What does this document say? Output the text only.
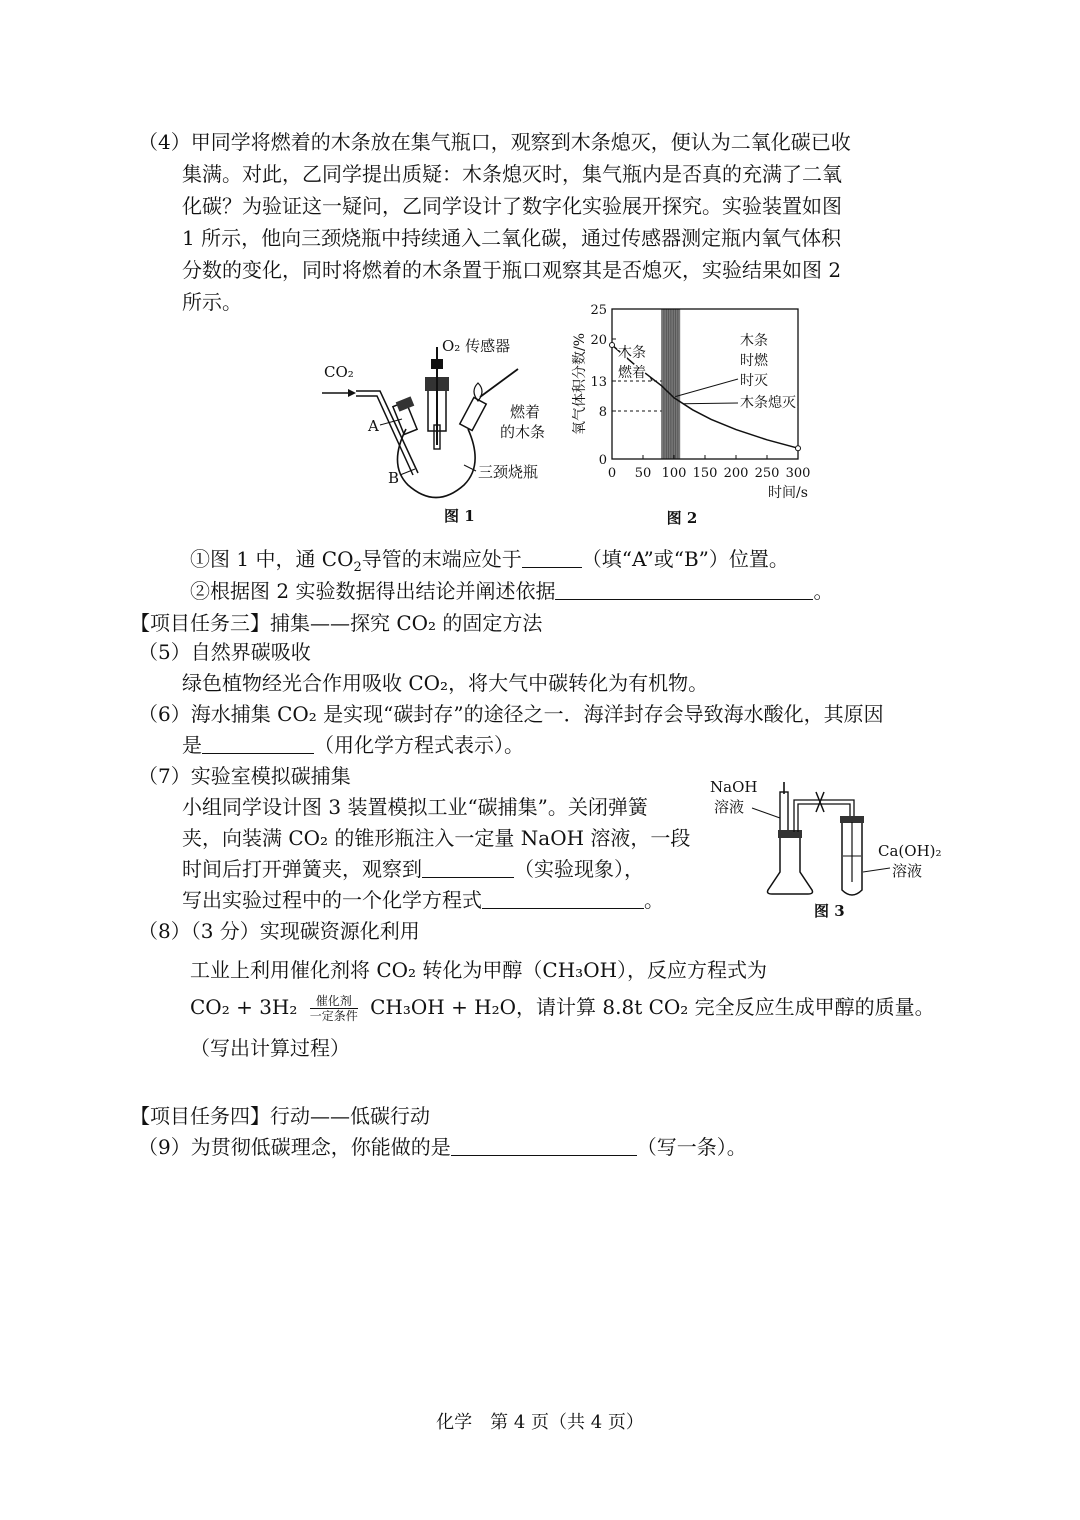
（4）甲同学将燃着的木条放在集气瓶口，观察到木条熄灭，便认为二氧化碳已收
集满。对此，乙同学提出质疑：木条熄灭时，集气瓶内是否真的充满了二氧
化碳？为验证这一疑问，乙同学设计了数字化实验展开探究。实验装置如图
1 所示，他向三颈烧瓶中持续通入二氧化碳，通过传感器测定瓶内氧气体积
分数的变化，同时将燃着的木条置于瓶口观察其是否熄灭，实验结果如图 2
所示。
CO₂
O₂ 传感器
燃着
的木条
A
B	三颈烧瓶
图 1
0 50 100 150 200 250 300
0
8
13
20
25
时间/s
氧气体积分数/% 木条
燃着
木条
时燃
时灭
木条熄灭
图 2
①图 1 中，通 $CO_2$导管的末端应处于	（填“A”或“B”）位置。
②根据图 2 实验数据得出结论并阐述依据	。
【项目任务三】捕集——探究 CO₂ 的固定方法
（5）自然界碳吸收
绿色植物经光合作用吸收 CO₂，将大气中碳转化为有机物。
（6）海水捕集 CO₂ 是实现“碳封存”的途径之一．海洋封存会导致海水酸化，其原因
是	（用化学方程式表示）。
（7）实验室模拟碳捕集
小组同学设计图 3 装置模拟工业“碳捕集”。关闭弹簧
夹，向装满 CO₂ 的锥形瓶注入一定量 NaOH 溶液，一段
时间后打开弹簧夹，观察到	（实验现象），
写出实验过程中的一个化学方程式	。
NaOH
溶液
Ca(OH)₂
溶液
图 3
（8）（3 分）实现碳资源化利用
工业上利用催化剂将 CO₂ 转化为甲醇（CH₃OH），反应方程式为
$CO_2 + 3H_2 \frac{\text{催化剂}}{\text{一定条件}} CH_3OH + H_2O$，请计算 8.8t CO₂ 完全反应生成甲醇的质量。
（写出计算过程）
【项目任务四】行动——低碳行动
（9）为贯彻低碳理念，你能做的是	（写一条）。
化学　第 4 页（共 4 页）
